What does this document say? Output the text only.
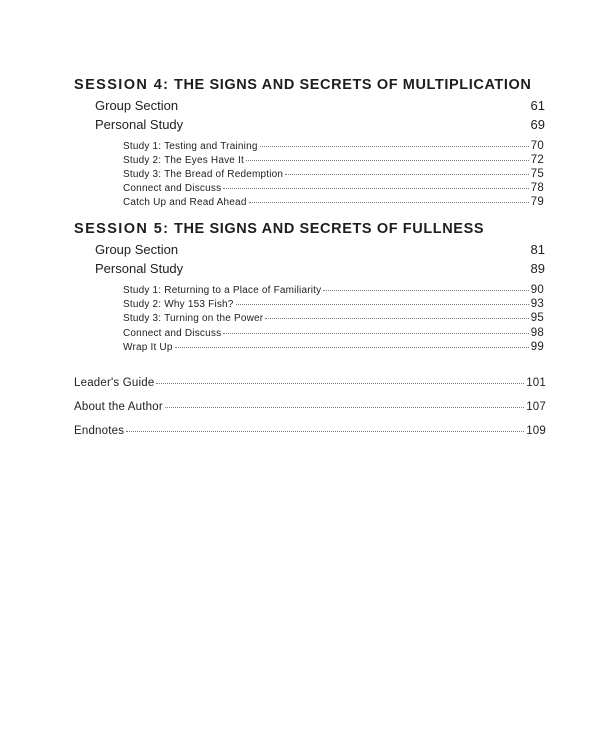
SESSION 4: THE SIGNS AND SECRETS OF MULTIPLICATION
Group Section	61
Personal Study	69
Study 1: Testing and Training	70
Study 2: The Eyes Have It	72
Study 3: The Bread of Redemption	75
Connect and Discuss	78
Catch Up and Read Ahead	79
SESSION 5: THE SIGNS AND SECRETS OF FULLNESS
Group Section	81
Personal Study	89
Study 1: Returning to a Place of Familiarity	90
Study 2: Why 153 Fish?	93
Study 3: Turning on the Power	95
Connect and Discuss	98
Wrap It Up	99
Leader's Guide	101
About the Author	107
Endnotes	109
